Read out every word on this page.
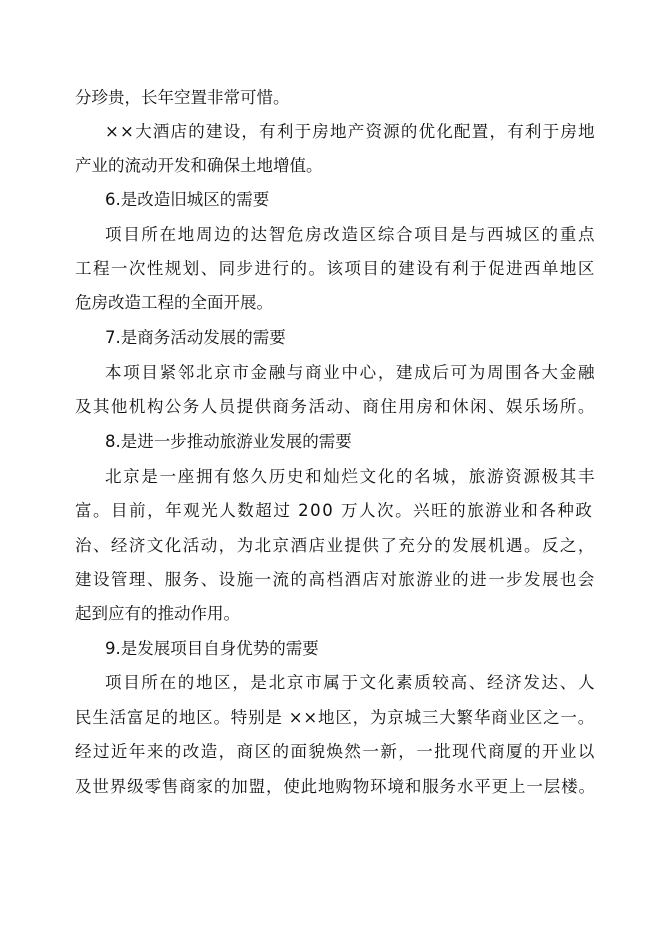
分珍贵，长年空置非常可惜。
××大酒店的建设，有利于房地产资源的优化配置，有利于房地
产业的流动开发和确保土地增值。
6.是改造旧城区的需要
项目所在地周边的达智危房改造区综合项目是与西城区的重点
工程一次性规划、同步进行的。该项目的建设有利于促进西单地区
危房改造工程的全面开展。
7.是商务活动发展的需要
本项目紧邻北京市金融与商业中心，建成后可为周围各大金融
及其他机构公务人员提供商务活动、商住用房和休闲、娱乐场所。
8.是进一步推动旅游业发展的需要
北京是一座拥有悠久历史和灿烂文化的名城，旅游资源极其丰
富。目前，年观光人数超过 200 万人次。兴旺的旅游业和各种政
治、经济文化活动，为北京酒店业提供了充分的发展机遇。反之，
建设管理、服务、设施一流的高档酒店对旅游业的进一步发展也会
起到应有的推动作用。
9.是发展项目自身优势的需要
项目所在的地区，是北京市属于文化素质较高、经济发达、人
民生活富足的地区。特别是 ××地区，为京城三大繁华商业区之一。
经过近年来的改造，商区的面貌焕然一新，一批现代商厦的开业以
及世界级零售商家的加盟，使此地购物环境和服务水平更上一层楼。
